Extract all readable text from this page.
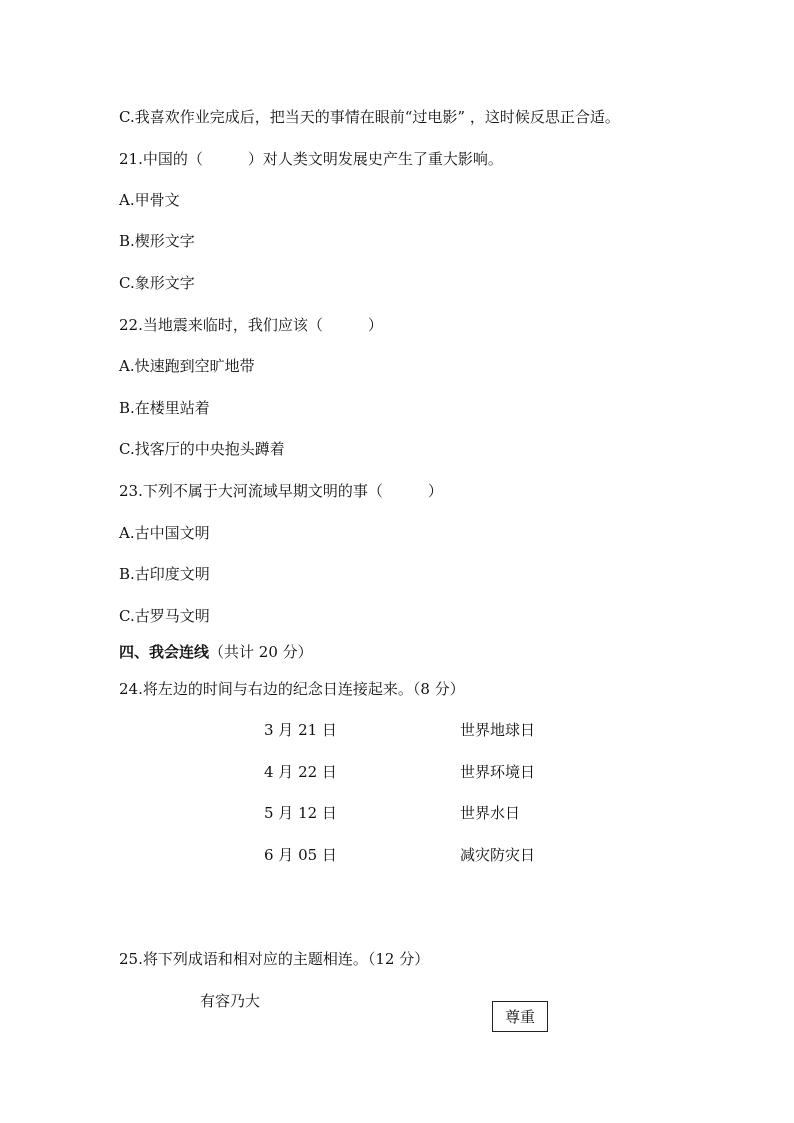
C.我喜欢作业完成后，把当天的事情在眼前“过电影” ，这时候反思正合适。
21.中国的（　　　）对人类文明发展史产生了重大影响。
A.甲骨文
B.楔形文字
C.象形文字
22.当地震来临时，我们应该（　　　）
A.快速跑到空旷地带
B.在楼里站着
C.找客厅的中央抱头蹲着
23.下列不属于大河流域早期文明的事（　　　）
A.古中国文明
B.古印度文明
C.古罗马文明
四、我会连线（共计 20 分）
24.将左边的时间与右边的纪念日连接起来。（8 分）
3 月 21 日	世界地球日
4 月 22 日	世界环境日
5 月 12 日	世界水日
6 月 05 日	减灾防灾日
25.将下列成语和相对应的主题相连。（12 分）
有容乃大
尊重
